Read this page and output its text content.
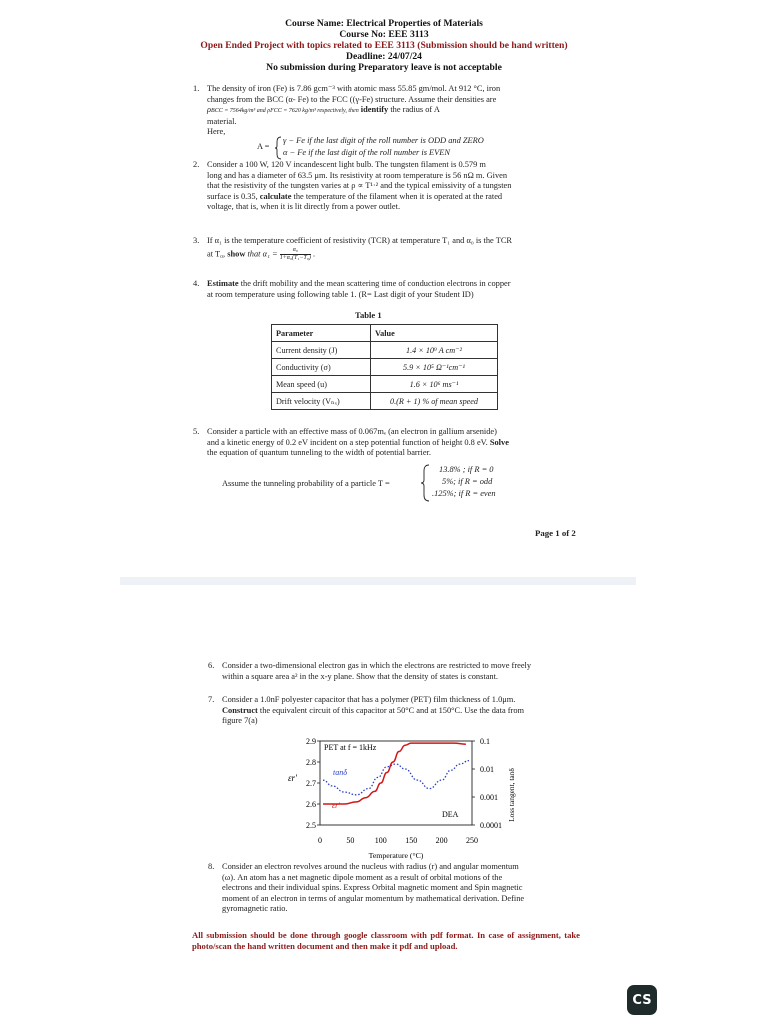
Course Name: Electrical Properties of Materials
Course No: EEE 3113
Open Ended Project with topics related to EEE 3113 (Submission should be hand written)
Deadline: 24/07/24
No submission during Preparatory leave is not acceptable
1. The density of iron (Fe) is 7.86 gcm⁻³ with atomic mass 55.85 gm/mol. At 912 °C, iron
changes from the BCC (α- Fe) to the FCC ((γ-Fe) structure. Assume their densities are
ρBCC = 7564kg/m³ and ρFCC = 7620 kg/m³ respectively, then identify the radius of A
material.
Here,
A =
γ − Fe if the last digit of the roll number is ODD and ZERO
α − Fe if the last digit of the roll number is EVEN
2. Consider a 100 W, 120 V incandescent light bulb. The tungsten filament is 0.579 m
long and has a diameter of 63.5 μm. Its resistivity at room temperature is 56 nΩ m. Given
that the resistivity of the tungsten varies at ρ ∝ T¹·² and the typical emissivity of a tungsten
surface is 0.35, calculate the temperature of the filament when it is operated at the rated
voltage, that is, when it is lit directly from a power outlet.
3. If α₁ is the temperature coefficient of resistivity (TCR) at temperature T₁ and α₀ is the TCR
at T₀, show that $\alpha_1 = \frac{\text{α₀}}{\text{1+α₀(T₁−T₀)}}$ .
4. Estimate the drift mobility and the mean scattering time of conduction electrons in copper
at room temperature using following table 1. (R= Last digit of your Student ID)
Table 1
Parameter	Value
Current density (J)	1.4 × 10⁹ A cm⁻²
Conductivity (σ)	5.9 × 10⁵ Ω⁻¹cm⁻¹
Mean speed (u)	1.6 × 10⁶ ms⁻¹
Drift velocity (Vₙₓ)	0.(R + 1) % of mean speed
5. Consider a particle with an effective mass of 0.067mₑ (an electron in gallium arsenide)
and a kinetic energy of 0.2 eV incident on a step potential function of height 0.8 eV. Solve
the equation of quantum tunneling to the width of potential barrier.
Assume the tunneling probability of a particle T =
13.8% ; if R = 0
5%; if R = odd
.125%; if R = even
Page 1 of 2
6. Consider a two-dimensional electron gas in which the electrons are restricted to move freely
within a square area a² in the x-y plane. Show that the density of states is constant.
7. Consider a 1.0nF polyester capacitor that has a polymer (PET) film thickness of 1.0μm.
Construct the equivalent circuit of this capacitor at 50°C and at 150°C. Use the data from
figure 7(a)
0	50	100 150 200 250
2.5
2.6
2.7
2.8
2.9
0.0001
0.001
0.01
0.1
PET at f = 1kHz
DEA
tanδ
εr'
εr'	Loss tangent, tanδ
Temperature (°C)
8. Consider an electron revolves around the nucleus with radius (r) and angular momentum
(ω). An atom has a net magnetic dipole moment as a result of orbital motions of the
electrons and their individual spins. Express Orbital magnetic moment and Spin magnetic
moment of an electron in terms of angular momentum by mathematical derivation. Define
gyromagnetic ratio.
All submission should be done through google classroom with pdf format. In case of assignment, take photo/scan the hand written document and then make it pdf and upload.
CS
